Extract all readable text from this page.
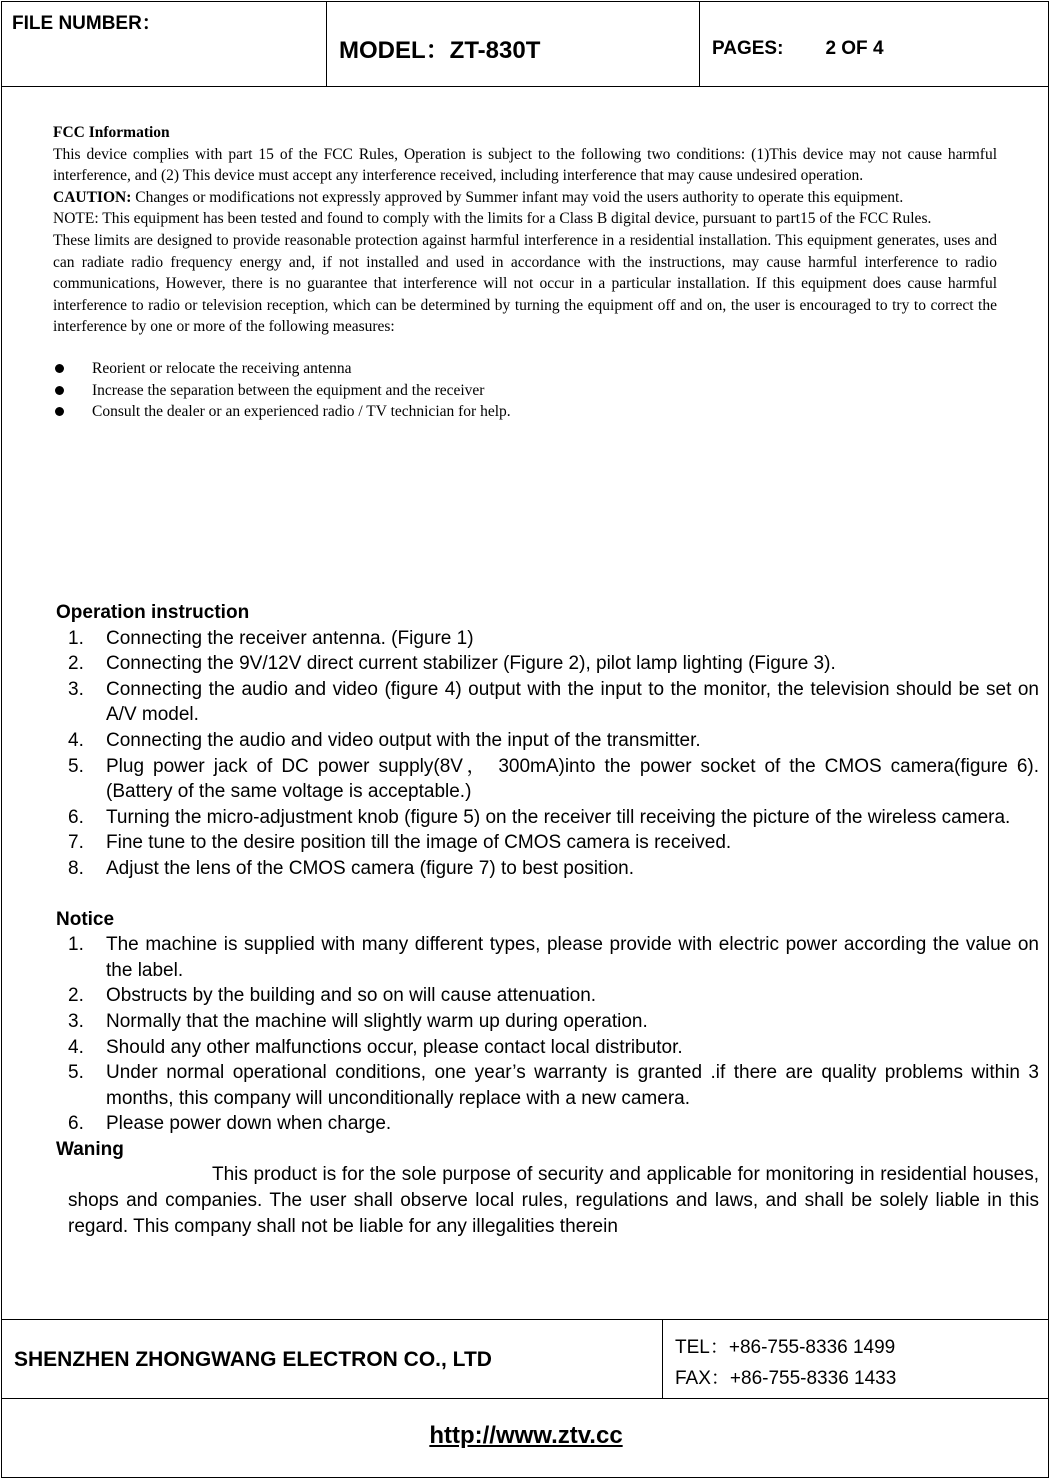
FILE NUMBER：
MODEL：ZT-830T	PAGES: 2 OF 4
SHENZHEN ZHONGWANG ELECTRON CO., LTD
TEL：+86-755-8336 1499
FAX：+86-755-8336 1433

FCC Information

This device complies with part 15 of the FCC Rules, Operation is subject to the following two conditions: (1)This device may not cause harmful interference, and (2) This device must accept any interference received, including interference that may cause undesired operation.

CAUTION: Changes or modifications not expressly approved by Summer infant may void the users authority to operate this equipment.

NOTE: This equipment has been tested and found to comply with the limits for a Class B digital device, pursuant to part15 of the FCC Rules.

These limits are designed to provide reasonable protection against harmful interference in a residential installation. This equipment generates, uses and can radiate radio frequency energy and, if not installed and used in accordance with the instructions, may cause harmful interference to radio communications, However, there is no guarantee that interference will not occur in a particular installation. If this equipment does cause harmful interference to radio or television reception, which can be determined by turning the equipment off and on, the user is encouraged to try to correct the interference by one or more of the following measures:

Reorient or relocate the receiving antenna
Increase the separation between the equipment and the receiver
Consult the dealer or an experienced radio / TV technician for help.
Operation instruction
1. Connecting the receiver antenna. (Figure 1)
2. Connecting the 9V/12V direct current stabilizer (Figure 2), pilot lamp lighting (Figure 3).
3. Connecting the audio and video (figure 4) output with the input to the monitor, the television should be set on A/V model.
4. Connecting the audio and video output with the input of the transmitter.
5. Plug power jack of DC power supply(8V， 300mA)into the power socket of the CMOS camera(figure 6).(Battery of the same voltage is acceptable.)
6. Turning the micro-adjustment knob (figure 5) on the receiver till receiving the picture of the wireless camera.
7. Fine tune to the desire position till the image of CMOS camera is received.
8. Adjust the lens of the CMOS camera (figure 7) to best position.
Notice
1. The machine is supplied with many different types, please provide with electric power according the value on the label.
2. Obstructs by the building and so on will cause attenuation.
3. Normally that the machine will slightly warm up during operation.
4. Should any other malfunctions occur, please contact local distributor.
5. Under normal operational conditions, one year’s warranty is granted .if there are quality problems within 3 months, this company will unconditionally replace with a new camera.
6. Please power down when charge.
Waning
This product is for the sole purpose of security and applicable for monitoring in residential houses, shops and companies. The user shall observe local rules, regulations and laws, and shall be solely liable in this regard. This company shall not be liable for any illegalities therein
http://www.ztv.cc
